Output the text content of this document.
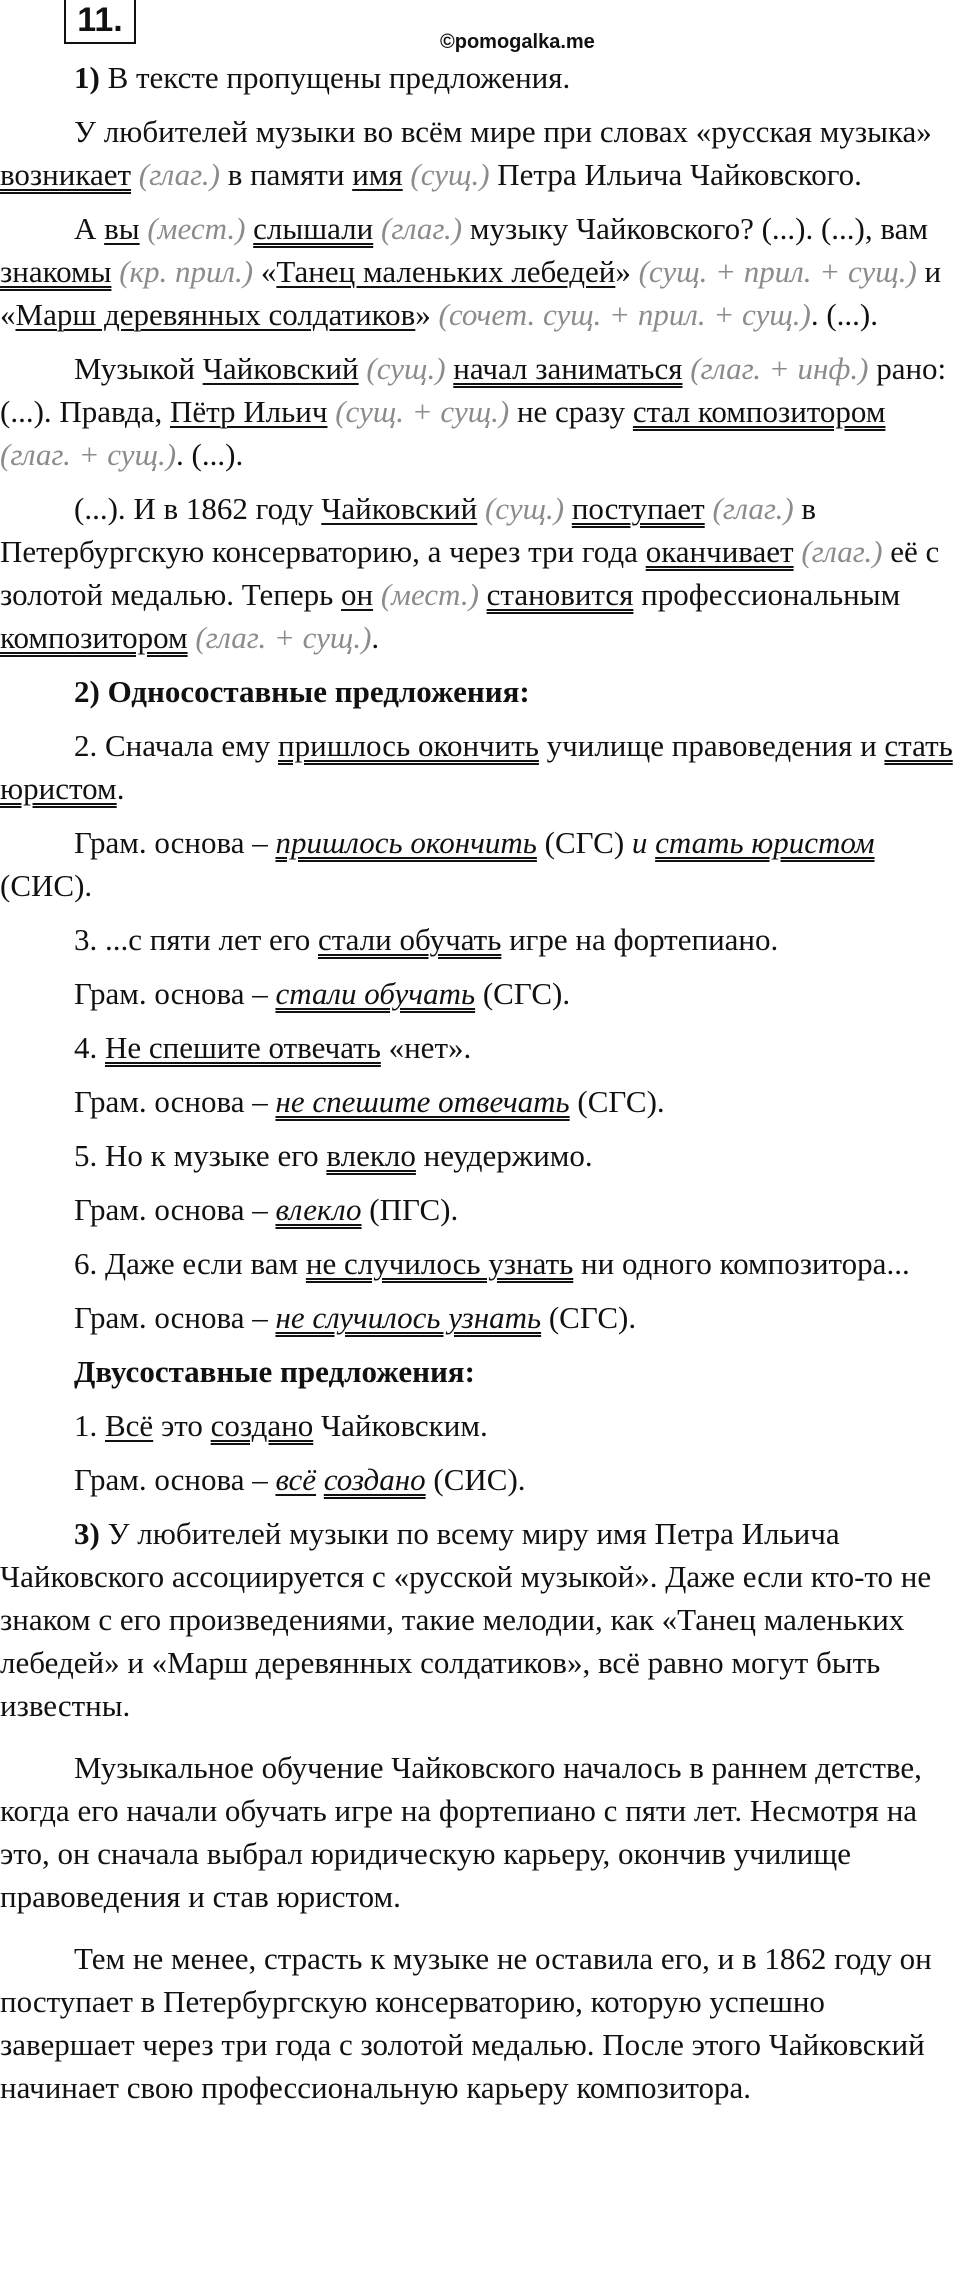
11.
©pomogalka.me

1) В тексте пропущены предложения.

У любителей музыки во всём мире при словах «русская музыка» возникает (глаг.) в памяти имя (сущ.) Петра Ильича Чайковского.

А вы (мест.) слышали (глаг.) музыку Чайковского? (...). (...), вам знакомы (кр. прил.) «Танец маленьких лебедей» (сущ. + прил. + сущ.) и «Марш деревянных солдатиков» (сочет. сущ. + прил. + сущ.). (...).

Музыкой Чайковский (сущ.) начал заниматься (глаг. + инф.) рано: (...). Правда, Пётр Ильич (сущ. + сущ.) не сразу стал композитором (глаг. + сущ.). (...).

(...). И в 1862 году Чайковский (сущ.) поступает (глаг.) в Петербургскую консерваторию, а через три года оканчивает (глаг.) её с золотой медалью. Теперь он (мест.) становится профессиональным композитором (глаг. + сущ.).

2) Односоставные предложения:

2. Сначала ему пришлось окончить училище правоведения и стать юристом.

Грам. основа – пришлось окончить (СГС) и стать юристом (СИС).

3. ...с пяти лет его стали обучать игре на фортепиано.

Грам. основа – стали обучать (СГС).

4. Не спешите отвечать «нет».

Грам. основа – не спешите отвечать (СГС).

5. Но к музыке его влекло неудержимо.

Грам. основа – влекло (ПГС).

6. Даже если вам не случилось узнать ни одного композитора...

Грам. основа – не случилось узнать (СГС).

Двусоставные предложения:

1. Всё это создано Чайковским.

Грам. основа – всё создано (СИС).

3) У любителей музыки по всему миру имя Петра Ильича Чайковского ассоциируется с «русской музыкой». Даже если кто-то не знаком с его произведениями, такие мелодии, как «Танец маленьких лебедей» и «Марш деревянных солдатиков», всё равно могут быть известны.

Музыкальное обучение Чайковского началось в раннем детстве, когда его начали обучать игре на фортепиано с пяти лет. Несмотря на это, он сначала выбрал юридическую карьеру, окончив училище правоведения и став юристом.

Тем не менее, страсть к музыке не оставила его, и в 1862 году он поступает в Петербургскую консерваторию, которую успешно завершает через три года с золотой медалью. После этого Чайковский начинает свою профессиональную карьеру композитора.
